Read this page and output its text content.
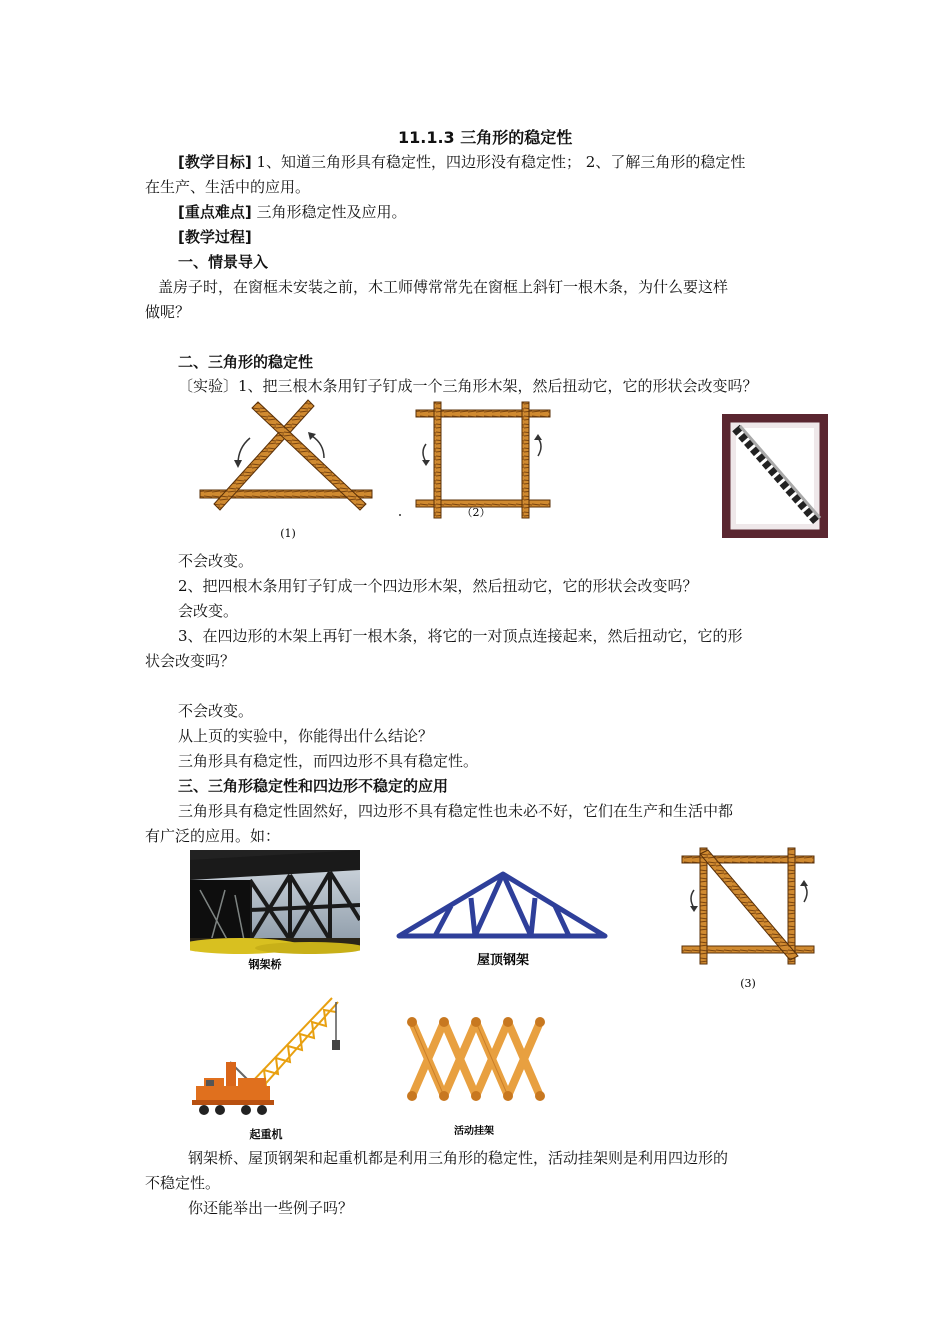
11.1.3 三角形的稳定性
[教学目标] 1、知道三角形具有稳定性，四边形没有稳定性； 2、了解三角形的稳定性
在生产、生活中的应用。
[重点难点] 三角形稳定性及应用。
[教学过程]
一、情景导入
盖房子时，在窗框未安装之前，木工师傅常常先在窗框上斜钉一根木条，为什么要这样
做呢？
二、三角形的稳定性
〔实验〕1、把三根木条用钉子钉成一个三角形木架，然后扭动它，它的形状会改变吗？
(1)
（2）
不会改变。
2、把四根木条用钉子钉成一个四边形木架，然后扭动它，它的形状会改变吗？
会改变。
3、在四边形的木架上再钉一根木条，将它的一对顶点连接起来，然后扭动它，它的形
状会改变吗？
不会改变。
从上页的实验中，你能得出什么结论？
三角形具有稳定性，而四边形不具有稳定性。
三、三角形稳定性和四边形不稳定的应用
三角形具有稳定性固然好，四边形不具有稳定性也未必不好，它们在生产和生活中都
有广泛的应用。如：
钢架桥	屋顶钢架
(3)
起重机	活动挂架
钢架桥、屋顶钢架和起重机都是利用三角形的稳定性，活动挂架则是利用四边形的
不稳定性。
你还能举出一些例子吗？
